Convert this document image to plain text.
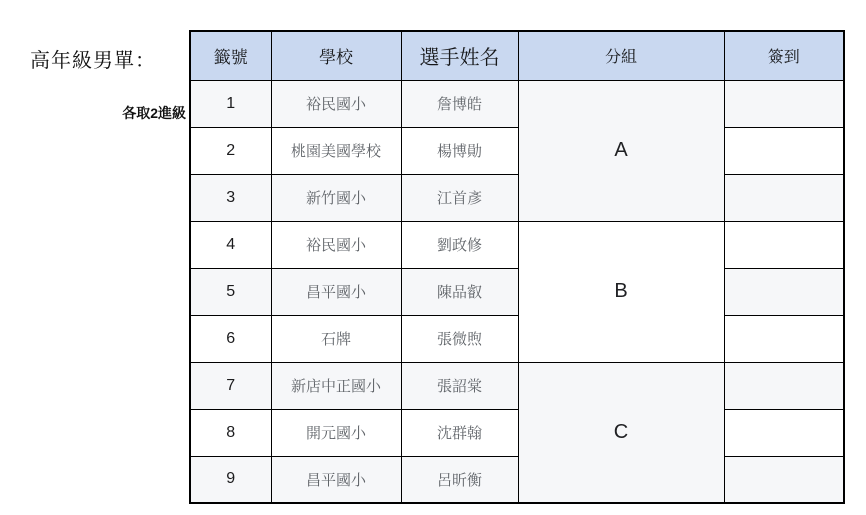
高年級男單：
各取2進級
籤號	學校	選手姓名	分組	簽到
1	裕民國小	詹博皓	A	
2	桃園美國學校	楊博勛		
3	新竹國小	江首彥		
4	裕民國小	劉政修	B	
5	昌平國小	陳品叡		
6	石牌	張微煦		
7	新店中正國小	張詔棠	C	
8	開元國小	沈群翰		
9	昌平國小	呂昕衡		
